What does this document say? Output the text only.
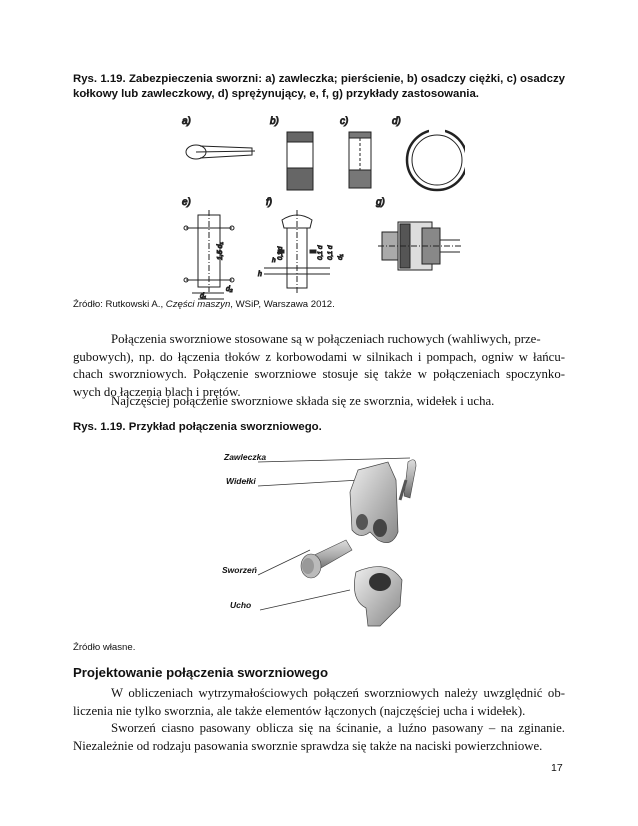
Rys. 1.19. Zabezpieczenia sworzni: a) zawleczka; pierścienie, b) osadczy ciężki, c) osadczy kołkowy lub zawleczkowy, d) sprężynujący, e, f, g) przykłady zastosowania.
a)	b)	c)	d)
e)
1,5 d₁
d₁
d₂
f)
h
0,1 d 0,1 d d₁
h
0,1 d
g)
Źródło: Rutkowski A., Części maszyn, WSiP, Warszawa 2012.
Połączenia sworzniowe stosowane są w połączeniach ruchowych (wahliwych, prze-
gubowych), np. do łączenia tłoków z korbowodami w silnikach i pompach, ogniw w łańcu-chach sworzniowych. Połączenie sworzniowe stosuje się także w połączeniach spoczynko-wych do łączenia blach i prętów.
Najczęściej połączenie sworzniowe składa się ze sworznia, widełek i ucha.
Rys. 1.19. Przykład połączenia sworzniowego.
Zawleczka
Widełki
Sworzeń
Ucho
Źródło własne.
Projektowanie połączenia sworzniowego
W obliczeniach wytrzymałościowych połączeń sworzniowych należy uwzględnić ob-liczenia nie tylko sworznia, ale także elementów łączonych (najczęściej ucha i widełek).
Sworzeń ciasno pasowany oblicza się na ścinanie, a luźno pasowany – na zginanie. Niezależnie od rodzaju pasowania sworznie sprawdza się także na naciski powierzchniowe.
17
